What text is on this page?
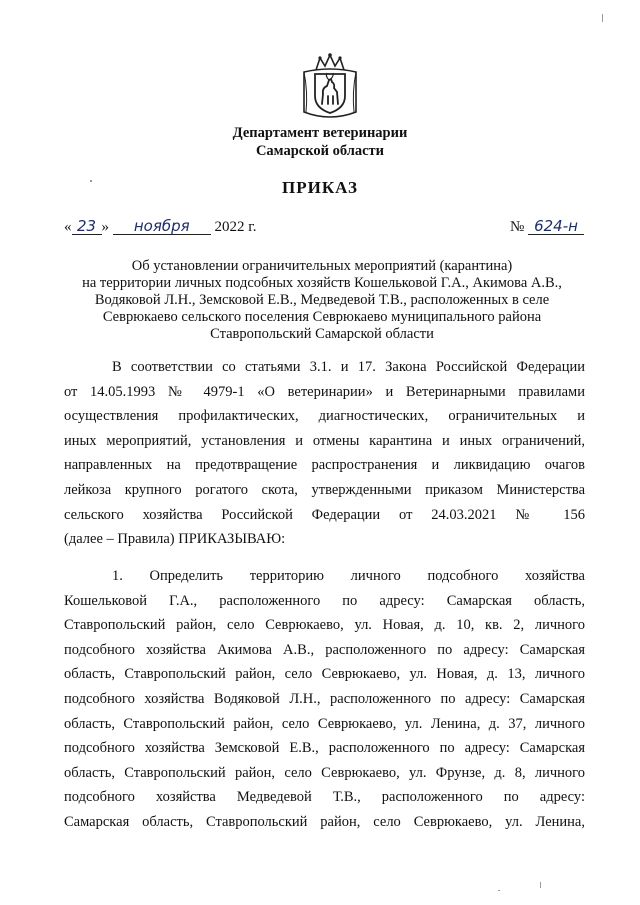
Департамент ветеринарии
Самарской области
ПРИКАЗ
« 23 » ноября 2022 г.	№ 624-н
Об установлении ограничительных мероприятий (карантина)
на территории личных подсобных хозяйств Кошельковой Г.А., Акимова А.В.,
Водяковой Л.Н., Земсковой Е.В., Медведевой Т.В., расположенных в селе
Севрюкаево сельского поселения Севрюкаево муниципального района
Ставропольский Самарской области
В соответствии со статьями 3.1. и 17. Закона Российской Федерации
от 14.05.1993 № 4979-1 «О ветеринарии» и Ветеринарными правилами
осуществления профилактических, диагностических, ограничительных и
иных мероприятий, установления и отмены карантина и иных ограничений,
направленных на предотвращение распространения и ликвидацию очагов
лейкоза крупного рогатого скота, утвержденными приказом Министерства
сельского хозяйства Российской Федерации от 24.03.2021 № 156
(далее – Правила) ПРИКАЗЫВАЮ:
1. Определить территорию личного подсобного хозяйства
Кошельковой Г.А., расположенного по адресу: Самарская область,
Ставропольский район, село Севрюкаево, ул. Новая, д. 10, кв. 2, личного
подсобного хозяйства Акимова А.В., расположенного по адресу: Самарская
область, Ставропольский район, село Севрюкаево, ул. Новая, д. 13, личного
подсобного хозяйства Водяковой Л.Н., расположенного по адресу: Самарская
область, Ставропольский район, село Севрюкаево, ул. Ленина, д. 37, личного
подсобного хозяйства Земсковой Е.В., расположенного по адресу: Самарская
область, Ставропольский район, село Севрюкаево, ул. Фрунзе, д. 8, личного
подсобного хозяйства Медведевой Т.В., расположенного по адресу:
Самарская область, Ставропольский район, село Севрюкаево, ул. Ленина,
